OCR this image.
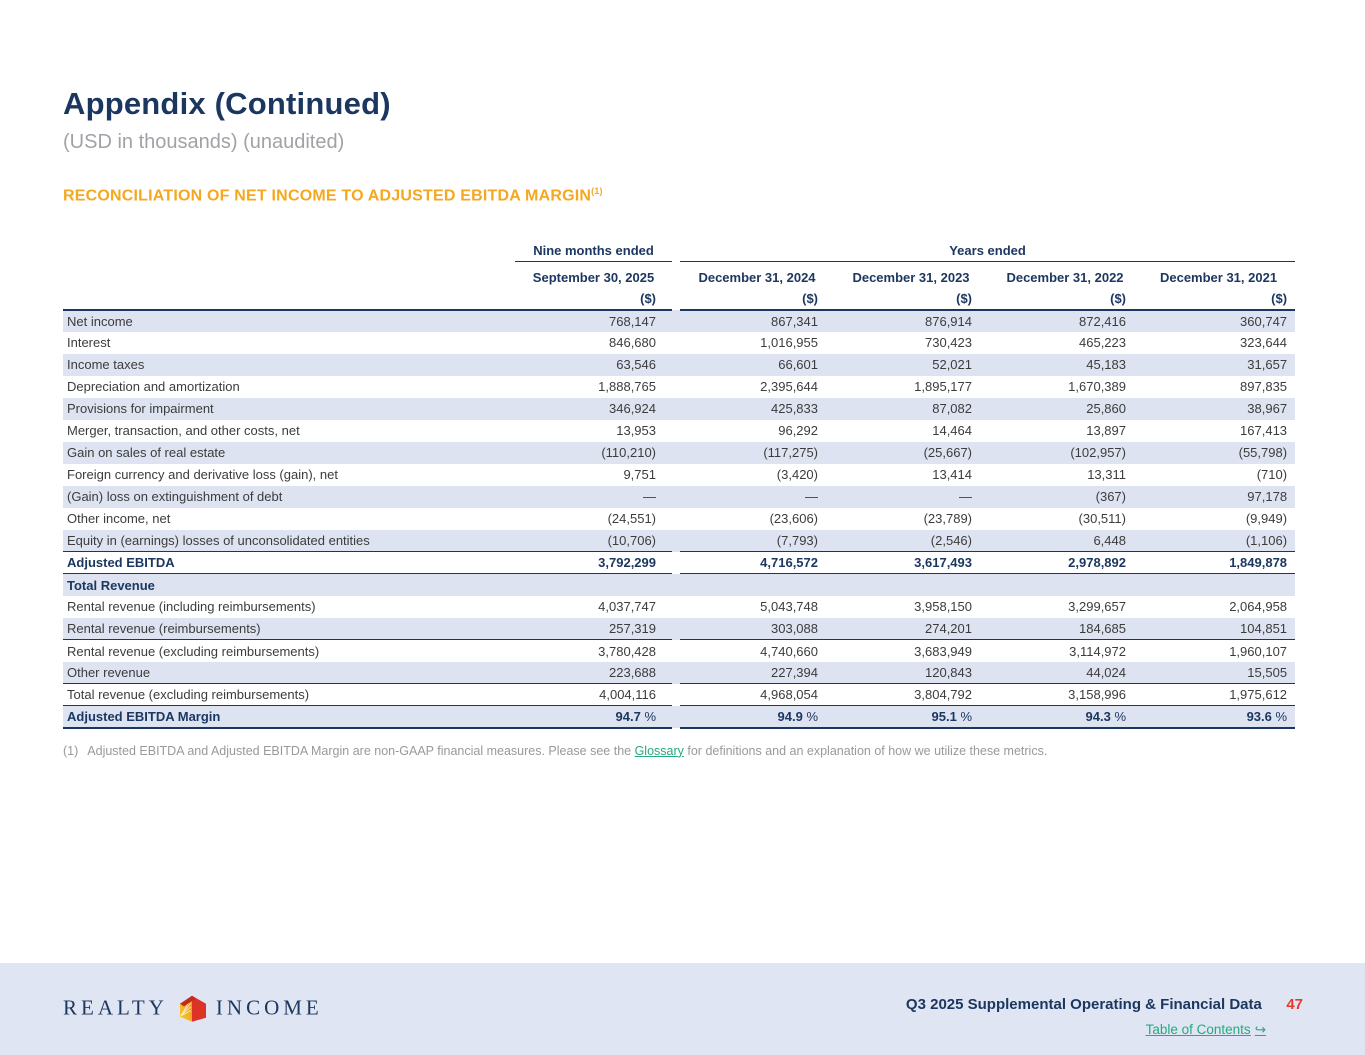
Appendix (Continued)
(USD in thousands) (unaudited)
RECONCILIATION OF NET INCOME TO ADJUSTED EBITDA MARGIN$^{(1)}$
	Nine months ended		Years ended			
	September 30, 2025		December 31, 2024	December 31, 2023	December 31, 2022	December 31, 2021
	($)		($)	($)	($)	($)
Net income	768,147		867,341	876,914	872,416	360,747
Interest	846,680		1,016,955	730,423	465,223	323,644
Income taxes	63,546		66,601	52,021	45,183	31,657
Depreciation and amortization	1,888,765		2,395,644	1,895,177	1,670,389	897,835
Provisions for impairment	346,924		425,833	87,082	25,860	38,967
Merger, transaction, and other costs, net	13,953		96,292	14,464	13,897	167,413
Gain on sales of real estate	(110,210)		(117,275)	(25,667)	(102,957)	(55,798)
Foreign currency and derivative loss (gain), net	9,751		(3,420)	13,414	13,311	(710)
(Gain) loss on extinguishment of debt	—		—	—	(367)	97,178
Other income, net	(24,551)		(23,606)	(23,789)	(30,511)	(9,949)
Equity in (earnings) losses of unconsolidated entities	(10,706)		(7,793)	(2,546)	6,448	(1,106)
Adjusted EBITDA	3,792,299		4,716,572	3,617,493	2,978,892	1,849,878
Total Revenue						
Rental revenue (including reimbursements)	4,037,747		5,043,748	3,958,150	3,299,657	2,064,958
Rental revenue (reimbursements)	257,319		303,088	274,201	184,685	104,851
Rental revenue (excluding reimbursements)	3,780,428		4,740,660	3,683,949	3,114,972	1,960,107
Other revenue	223,688		227,394	120,843	44,024	15,505
Total revenue (excluding reimbursements)	4,004,116		4,968,054	3,804,792	3,158,996	1,975,612
Adjusted EBITDA Margin	94.7 %		94.9 %	95.1 %	94.3 %	93.6 %
(1) Adjusted EBITDA and Adjusted EBITDA Margin are non-GAAP financial measures. Please see the Glossary for definitions and an explanation of how we utilize these metrics.
REALTY INCOME	Q3 2025 Supplemental Operating & Financial Data 47
Table of Contents ↪
